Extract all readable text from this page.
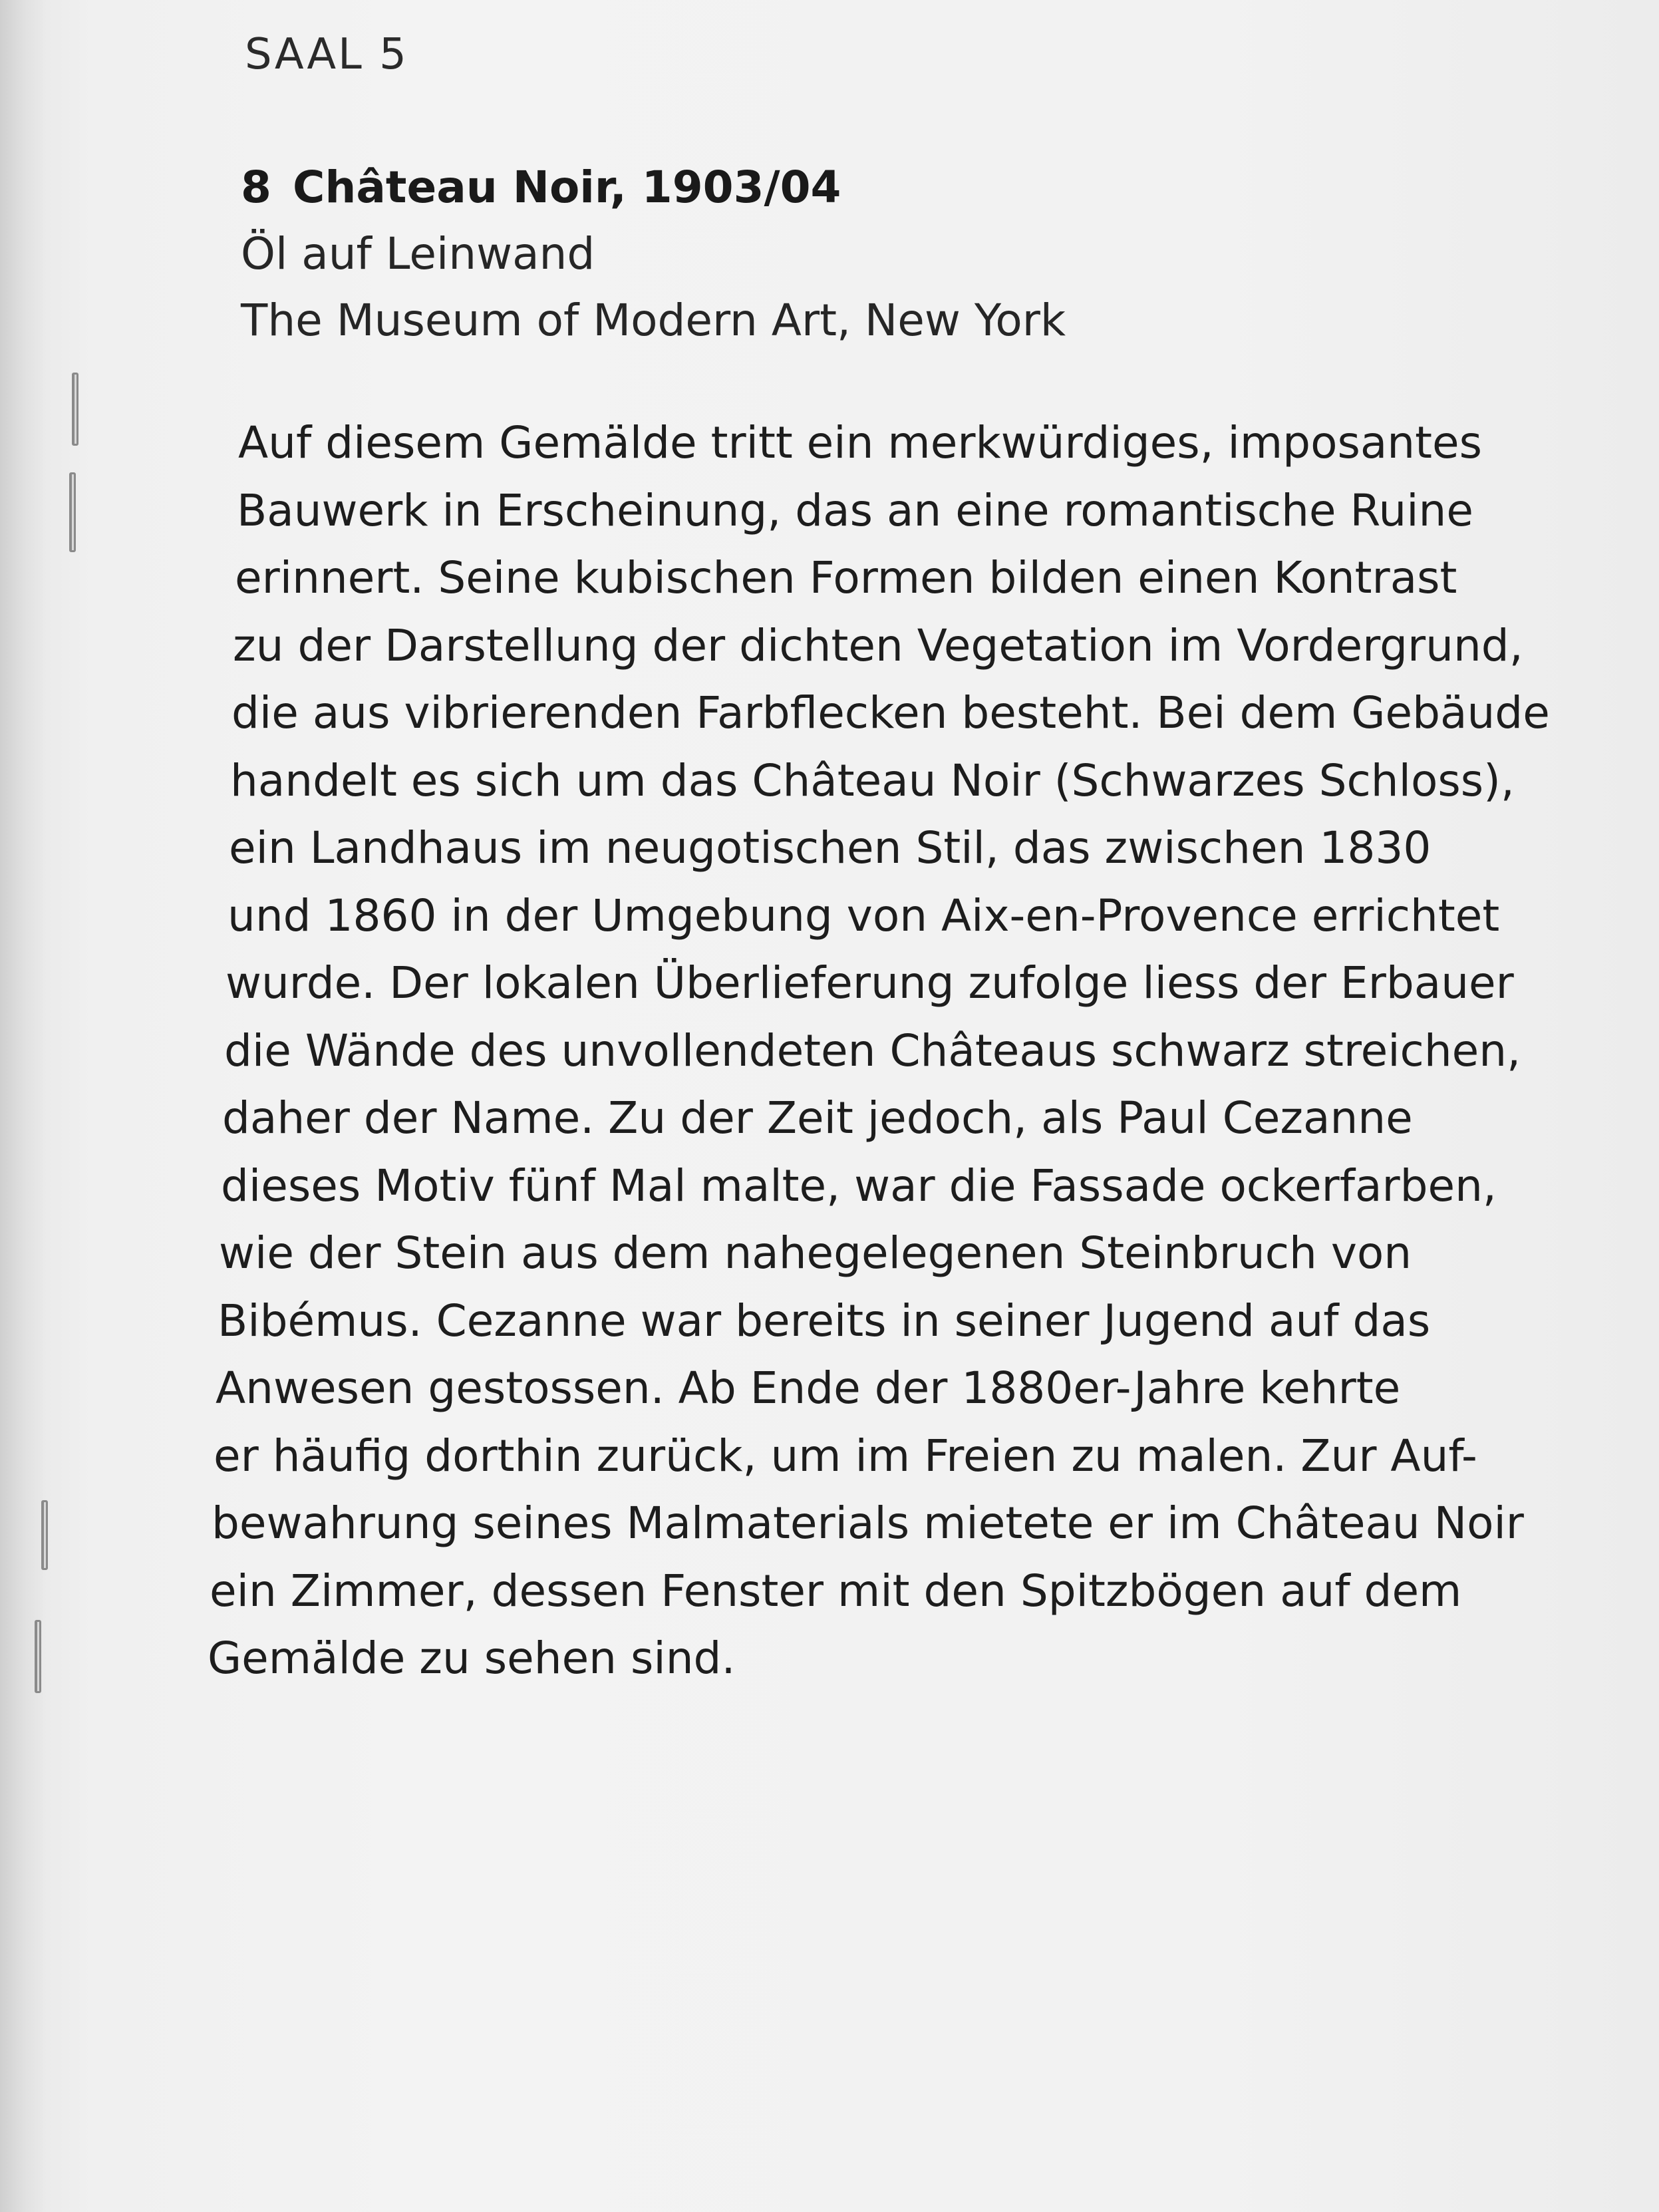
SAAL 5
8 Château Noir, 1903/04
Öl auf Leinwand
The Museum of Modern Art, New York
Auf diesem Gemälde tritt ein merkwürdiges, imposantes
Bauwerk in Erscheinung, das an eine romantische Ruine
erinnert. Seine kubischen Formen bilden einen Kontrast
zu der Darstellung der dichten Vegetation im Vordergrund,
die aus vibrierenden Farbflecken besteht. Bei dem Gebäude
handelt es sich um das Château Noir (Schwarzes Schloss),
ein Landhaus im neugotischen Stil, das zwischen 1830
und 1860 in der Umgebung von Aix-en-Provence errichtet
wurde. Der lokalen Überlieferung zufolge liess der Erbauer
die Wände des unvollendeten Châteaus schwarz streichen,
daher der Name. Zu der Zeit jedoch, als Paul Cezanne
dieses Motiv fünf Mal malte, war die Fassade ockerfarben,
wie der Stein aus dem nahegelegenen Steinbruch von
Bibémus. Cezanne war bereits in seiner Jugend auf das
Anwesen gestossen. Ab Ende der 1880er-Jahre kehrte
er häufig dorthin zurück, um im Freien zu malen. Zur Auf-
bewahrung seines Malmaterials mietete er im Château Noir
ein Zimmer, dessen Fenster mit den Spitzbögen auf dem
Gemälde zu sehen sind.
